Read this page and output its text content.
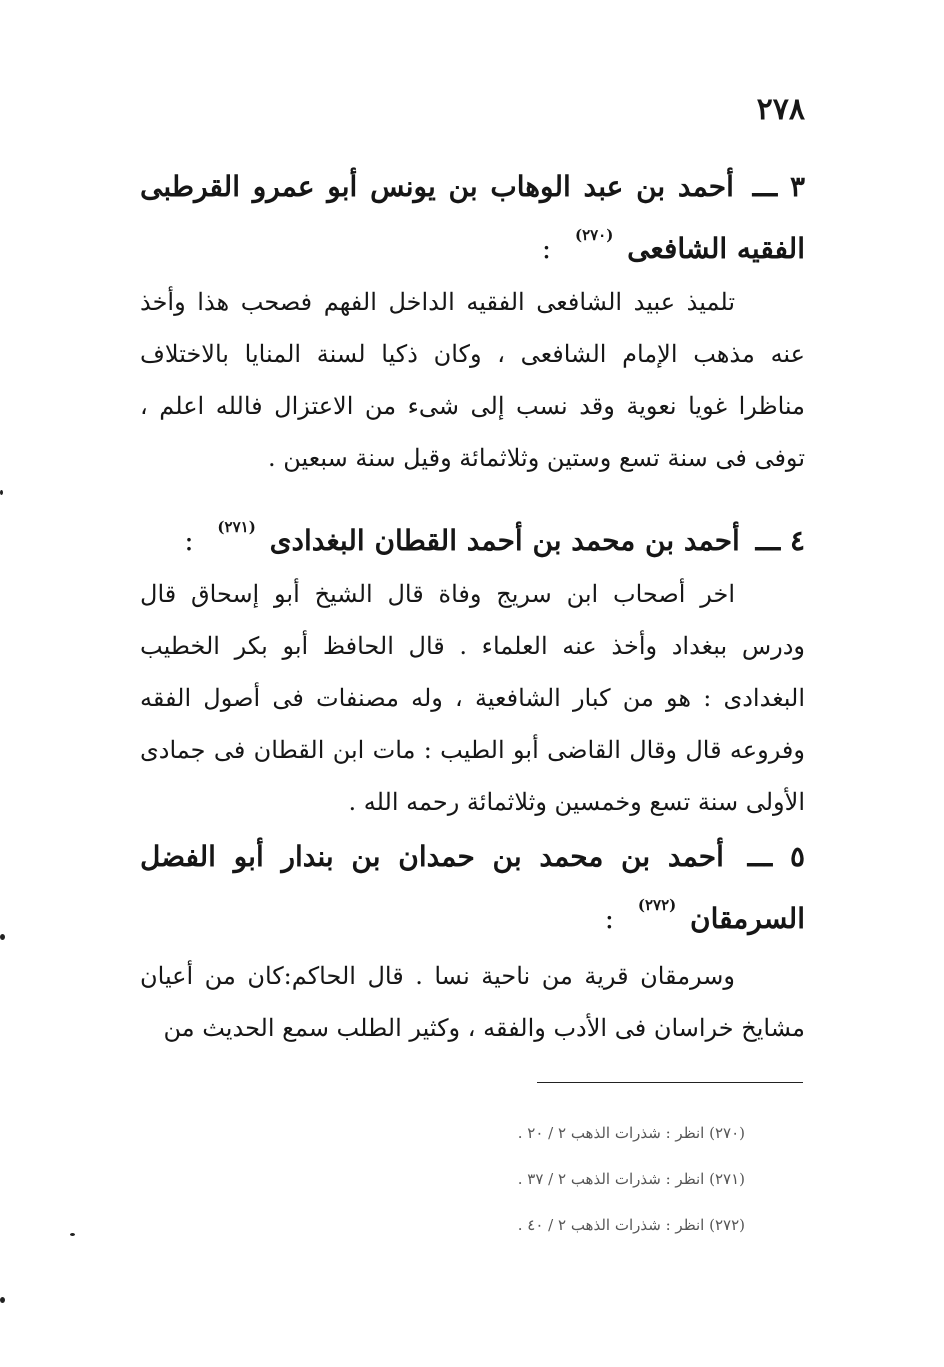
٢٧٨
٣ ـــ أحمد بن عبد الوهاب بن يونس أبو عمرو القرطبى الفقيه الشافعى $^{(٢٧٠)}$ :

تلميذ عبيد الشافعى الفقيه الداخل الفهم فصحب هذا وأخذ عنه مذهب الإمام الشافعى ، وكان ذكيا لسنة المنايا بالاختلاف مناظرا غويا نعوية وقد نسب إلى شىء من الاعتزال فالله اعلم ، توفى فى سنة تسع وستين وثلاثمائة وقيل سنة سبعين .

٤ ـــ أحمد بن محمد بن أحمد القطان البغدادى $^{(٢٧١)}$ :

اخر أصحاب ابن سريج وفاة قال الشيخ أبو إسحاق قال ودرس ببغداد وأخذ عنه العلماء . قال الحافظ أبو بكر الخطيب البغدادى : هو من كبار الشافعية ، وله مصنفات فى أصول الفقه وفروعه قال وقال القاضى أبو الطيب : مات ابن القطان فى جمادى الأولى سنة تسع وخمسين وثلاثمائة رحمه الله .

٥ ـــ أحمد بن محمد بن حمدان بن بندار أبو الفضل السرمقان $^{(٢٧٢)}$ :

وسرمقان قرية من ناحية نسا . قال الحاكم:كان من أعيان مشايخ خراسان فى الأدب والفقه ، وكثير الطلب سمع الحديث من

(٢٧٠) انظر : شذرات الذهب ٢ / ٢٠ .
(٢٧١) انظر : شذرات الذهب ٢ / ٣٧ .
(٢٧٢) انظر : شذرات الذهب ٢ / ٤٠ .
